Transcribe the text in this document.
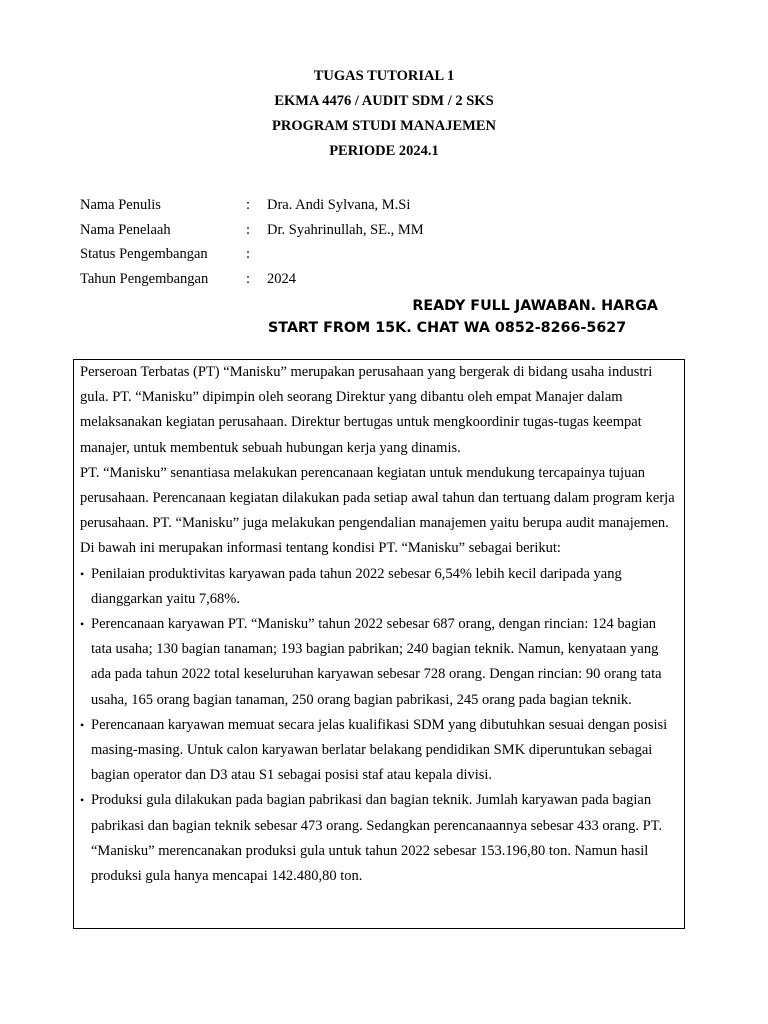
TUGAS TUTORIAL 1
EKMA 4476 / AUDIT SDM / 2 SKS
PROGRAM STUDI MANAJEMEN
PERIODE 2024.1
Nama Penulis	:	Dra. Andi Sylvana, M.Si
Nama Penelaah	:	Dr. Syahrinullah, SE., MM
Status Pengembangan	:
Tahun Pengembangan	:	2024
READY FULL JAWABAN. HARGA
START FROM 15K. CHAT WA 0852-8266-5627

Perseroan Terbatas (PT) “Manisku” merupakan perusahaan yang bergerak di bidang usaha industri gula. PT. “Manisku” dipimpin oleh seorang Direktur yang dibantu oleh empat Manajer dalam melaksanakan kegiatan perusahaan. Direktur bertugas untuk mengkoordinir tugas-tugas keempat manajer, untuk membentuk sebuah hubungan kerja yang dinamis.

PT. “Manisku” senantiasa melakukan perencanaan kegiatan untuk mendukung tercapainya tujuan perusahaan. Perencanaan kegiatan dilakukan pada setiap awal tahun dan tertuang dalam program kerja perusahaan. PT. “Manisku” juga melakukan pengendalian manajemen yaitu berupa audit manajemen.

Di bawah ini merupakan informasi tentang kondisi PT. “Manisku” sebagai berikut:

• Penilaian produktivitas karyawan pada tahun 2022 sebesar 6,54% lebih kecil daripada yang dianggarkan yaitu 7,68%.
• Perencanaan karyawan PT. “Manisku” tahun 2022 sebesar 687 orang, dengan rincian: 124 bagian tata usaha; 130 bagian tanaman; 193 bagian pabrikan; 240 bagian teknik. Namun, kenyataan yang ada pada tahun 2022 total keseluruhan karyawan sebesar 728 orang. Dengan rincian: 90 orang tata usaha, 165 orang bagian tanaman, 250 orang bagian pabrikasi, 245 orang pada bagian teknik.
• Perencanaan karyawan memuat secara jelas kualifikasi SDM yang dibutuhkan sesuai dengan posisi masing-masing. Untuk calon karyawan berlatar belakang pendidikan SMK diperuntukan sebagai bagian operator dan D3 atau S1 sebagai posisi staf atau kepala divisi.
• Produksi gula dilakukan pada bagian pabrikasi dan bagian teknik. Jumlah karyawan pada bagian pabrikasi dan bagian teknik sebesar 473 orang. Sedangkan perencanaannya sebesar 433 orang. PT. “Manisku” merencanakan produksi gula untuk tahun 2022 sebesar 153.196,80 ton. Namun hasil produksi gula hanya mencapai 142.480,80 ton.
